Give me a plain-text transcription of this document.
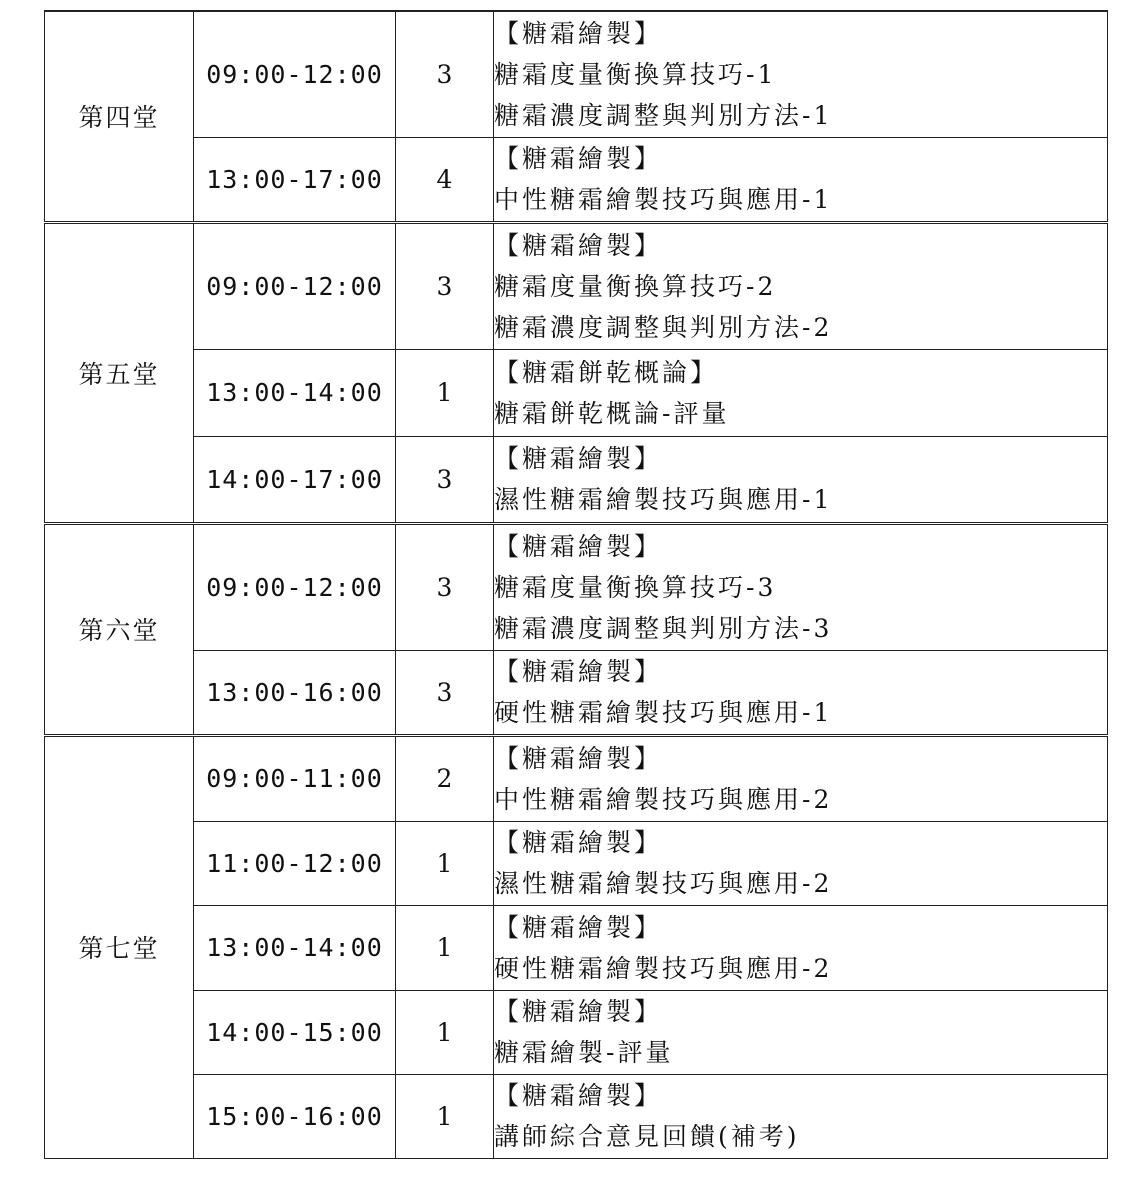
第四堂	09:00-12:00	3	【糖霜繪製】
糖霜度量衡換算技巧-1
糖霜濃度調整與判別方法-1

	13:00-17:00	4	【糖霜繪製】
中性糖霜繪製技巧與應用-1

第五堂	09:00-12:00	3	【糖霜繪製】
糖霜度量衡換算技巧-2
糖霜濃度調整與判別方法-2

	13:00-14:00	1	【糖霜餅乾概論】
糖霜餅乾概論-評量

	14:00-17:00	3	【糖霜繪製】
濕性糖霜繪製技巧與應用-1

第六堂	09:00-12:00	3	【糖霜繪製】
糖霜度量衡換算技巧-3
糖霜濃度調整與判別方法-3

	13:00-16:00	3	【糖霜繪製】
硬性糖霜繪製技巧與應用-1

第七堂	09:00-11:00	2	【糖霜繪製】
中性糖霜繪製技巧與應用-2

	11:00-12:00	1	【糖霜繪製】
濕性糖霜繪製技巧與應用-2

	13:00-14:00	1	【糖霜繪製】
硬性糖霜繪製技巧與應用-2

	14:00-15:00	1	【糖霜繪製】
糖霜繪製-評量

	15:00-16:00	1	【糖霜繪製】
講師綜合意見回饋(補考)
